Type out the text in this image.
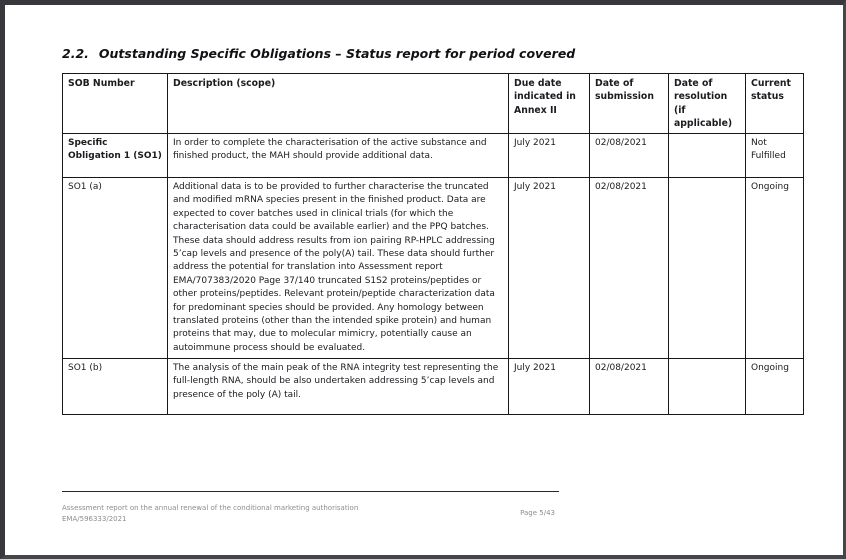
2.2. Outstanding Specific Obligations – Status report for period covered
SOB Number	Description (scope)	Due date indicated in Annex II	Date of submission	Date of resolution (if applicable)	Current status
Specific Obligation 1 (SO1)	In order to complete the characterisation of the active substance and finished product, the MAH should provide additional data.	July 2021	02/08/2021		Not Fulfilled
SO1 (a)	Additional data is to be provided to further characterise the truncated and modified mRNA species present in the finished product. Data are expected to cover batches used in clinical trials (for which the characterisation data could be available earlier) and the PPQ batches. These data should address results from ion pairing RP-HPLC addressing 5’cap levels and presence of the poly(A) tail. These data should further address the potential for translation into Assessment report EMA/707383/2020 Page 37/140 truncated S1S2 proteins/peptides or other proteins/peptides. Relevant protein/peptide characterization data for predominant species should be provided. Any homology between translated proteins (other than the intended spike protein) and human proteins that may, due to molecular mimicry, potentially cause an autoimmune process should be evaluated.	July 2021	02/08/2021		Ongoing
SO1 (b)	The analysis of the main peak of the RNA integrity test representing the full-length RNA, should be also undertaken addressing 5’cap levels and presence of the poly (A) tail.	July 2021	02/08/2021		Ongoing
Assessment report on the annual renewal of the conditional marketing authorisation
EMA/596333/2021
Page 5/43
